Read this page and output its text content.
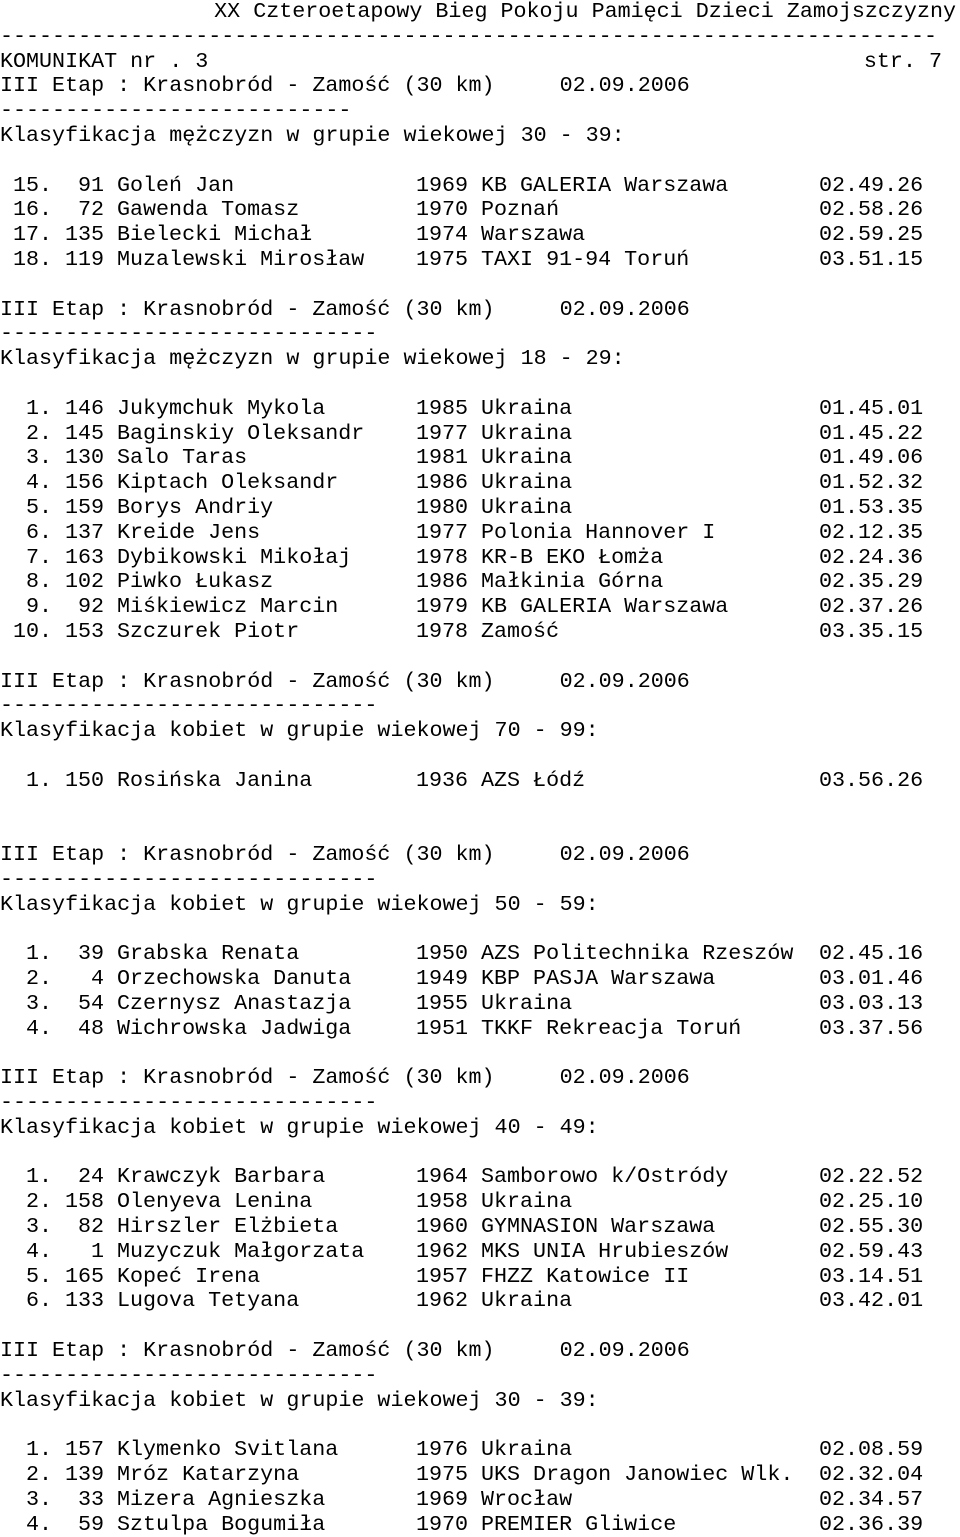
XX Czteroetapowy Bieg Pokoju Pamięci Dzieci Zamojszczyzny
------------------------------------------------------------------------
KOMUNIKAT nr . 3	str. 7
III Etap : Krasnobród - Zamość (30 km)     02.09.2006
---------------------------
Klasyfikacja mężczyzn w grupie wiekowej 30 - 39:
15. 91 Goleń Jan	1969 KB GALERIA Warszawa	02.49.26
16. 72 Gawenda Tomasz	1970 Poznań	02.58.26
17. 135 Bielecki Michał	1974 Warszawa	02.59.25
18. 119 Muzalewski Mirosław 1975 TAXI 91-94 Toruń	03.51.15
III Etap : Krasnobród - Zamość (30 km)     02.09.2006
-----------------------------
Klasyfikacja mężczyzn w grupie wiekowej 18 - 29:
1. 146 Jukymchuk Mykola	1985 Ukraina	01.45.01
2. 145 Baginskiy Oleksandr 1977 Ukraina	01.45.22
3. 130 Salo Taras	1981 Ukraina	01.49.06
4. 156 Kiptach Oleksandr	1986 Ukraina	01.52.32
5. 159 Borys Andriy	1980 Ukraina	01.53.35
6. 137 Kreide Jens	1977 Polonia Hannover I	02.12.35
7. 163 Dybikowski Mikołaj	1978 KR-B EKO Łomża	02.24.36
8. 102 Piwko Łukasz	1986 Małkinia Górna	02.35.29
9. 92 Miśkiewicz Marcin	1979 KB GALERIA Warszawa	02.37.26
10. 153 Szczurek Piotr	1978 Zamość	03.35.15
III Etap : Krasnobród - Zamość (30 km)     02.09.2006
-----------------------------
Klasyfikacja kobiet w grupie wiekowej 70 - 99:
1. 150 Rosińska Janina	1936 AZS Łódź	03.56.26
III Etap : Krasnobród - Zamość (30 km)     02.09.2006
-----------------------------
Klasyfikacja kobiet w grupie wiekowej 50 - 59:
1. 39 Grabska Renata	1950 AZS Politechnika Rzeszów 02.45.16
2. 4 Orzechowska Danuta	1949 KBP PASJA Warszawa	03.01.46
3. 54 Czernysz Anastazja	1955 Ukraina	03.03.13
4. 48 Wichrowska Jadwiga	1951 TKKF Rekreacja Toruń	03.37.56
III Etap : Krasnobród - Zamość (30 km)     02.09.2006
-----------------------------
Klasyfikacja kobiet w grupie wiekowej 40 - 49:
1. 24 Krawczyk Barbara	1964 Samborowo k/Ostródy	02.22.52
2. 158 Olenyeva Lenina	1958 Ukraina	02.25.10
3. 82 Hirszler Elżbieta	1960 GYMNASION Warszawa	02.55.30
4. 1 Muzyczuk Małgorzata 1962 MKS UNIA Hrubieszów	02.59.43
5. 165 Kopeć Irena	1957 FHZZ Katowice II	03.14.51
6. 133 Lugova Tetyana	1962 Ukraina	03.42.01
III Etap : Krasnobród - Zamość (30 km)     02.09.2006
-----------------------------
Klasyfikacja kobiet w grupie wiekowej 30 - 39:
1. 157 Klymenko Svitlana	1976 Ukraina	02.08.59
2. 139 Mróz Katarzyna	1975 UKS Dragon Janowiec Wlk. 02.32.04
3. 33 Mizera Agnieszka	1969 Wrocław	02.34.57
4. 59 Sztulpa Bogumiła	1970 PREMIER Gliwice	02.36.39
